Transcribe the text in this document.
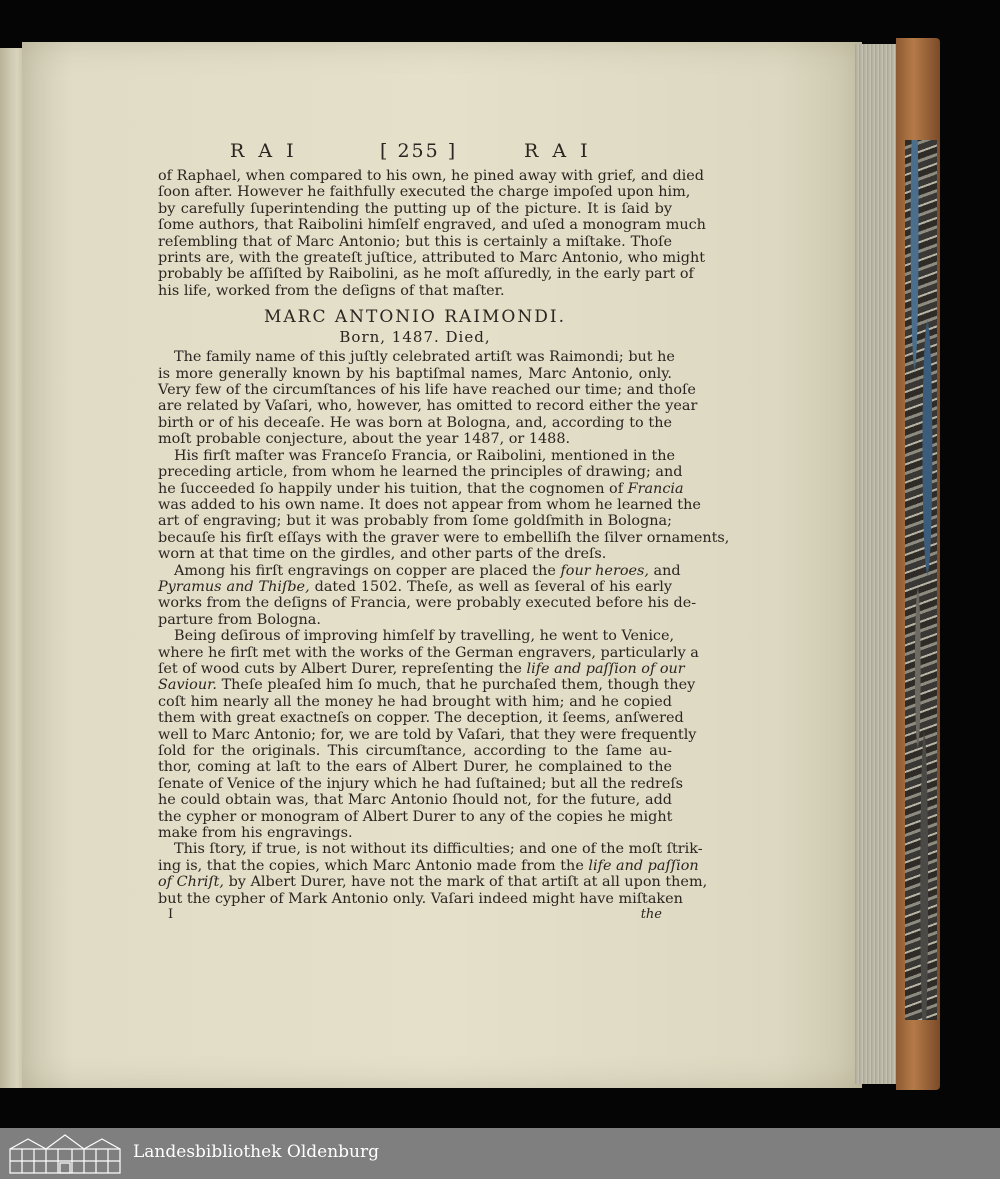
R A I	[ 255 ]	R A I
of Raphael, when compared to his own, he pined away with grief, and died
ſoon after. However he faithfully executed the charge impoſed upon him,
by carefully ſuperintending the putting up of the picture. It is ſaid by
ſome authors, that Raibolini himſelf engraved, and uſed a monogram much
reſembling that of Marc Antonio; but this is certainly a miſtake. Thoſe
prints are, with the greateſt juſtice, attributed to Marc Antonio, who might
probably be aſſiſted by Raibolini, as he moſt aſſuredly, in the early part of
his life, worked from the deſigns of that maſter.
MARC ANTONIO RAIMONDI.
Born, 1487. Died,
The family name of this juſtly celebrated artiſt was Raimondi; but he
is more generally known by his baptiſmal names, Marc Antonio, only.
Very few of the circumſtances of his life have reached our time; and thoſe
are related by Vaſari, who, however, has omitted to record either the year
birth or of his deceaſe. He was born at Bologna, and, according to the
moſt probable conjecture, about the year 1487, or 1488.
His firſt maſter was Franceſo Francia, or Raibolini, mentioned in the
preceding article, from whom he learned the principles of drawing; and
he ſucceeded ſo happily under his tuition, that the cognomen of Francia
was added to his own name. It does not appear from whom he learned the
art of engraving; but it was probably from ſome goldſmith in Bologna;
becauſe his firſt eſſays with the graver were to embelliſh the ſilver ornaments,
worn at that time on the girdles, and other parts of the dreſs.
Among his firſt engravings on copper are placed the four heroes, and
Pyramus and Thiſbe, dated 1502. Theſe, as well as ſeveral of his early
works from the deſigns of Francia, were probably executed before his de-
parture from Bologna.
Being deſirous of improving himſelf by travelling, he went to Venice,
where he firſt met with the works of the German engravers, particularly a
ſet of wood cuts by Albert Durer, repreſenting the life and paſſion of our
Saviour. Theſe pleaſed him ſo much, that he purchaſed them, though they
coſt him nearly all the money he had brought with him; and he copied
them with great exactneſs on copper. The deception, it ſeems, anſwered
well to Marc Antonio; for, we are told by Vaſari, that they were frequently
ſold for the originals. This circumſtance, according to the ſame au-
thor, coming at laſt to the ears of Albert Durer, he complained to the
ſenate of Venice of the injury which he had ſuſtained; but all the redreſs
he could obtain was, that Marc Antonio ſhould not, for the future, add
the cypher or monogram of Albert Durer to any of the copies he might
make from his engravings.
This ſtory, if true, is not without its difficulties; and one of the moſt ſtrik-
ing is, that the copies, which Marc Antonio made from the life and paſſion
of Chriſt, by Albert Durer, have not the mark of that artiſt at all upon them,
but the cypher of Mark Antonio only. Vaſari indeed might have miſtaken
I	the
Landesbibliothek Oldenburg
